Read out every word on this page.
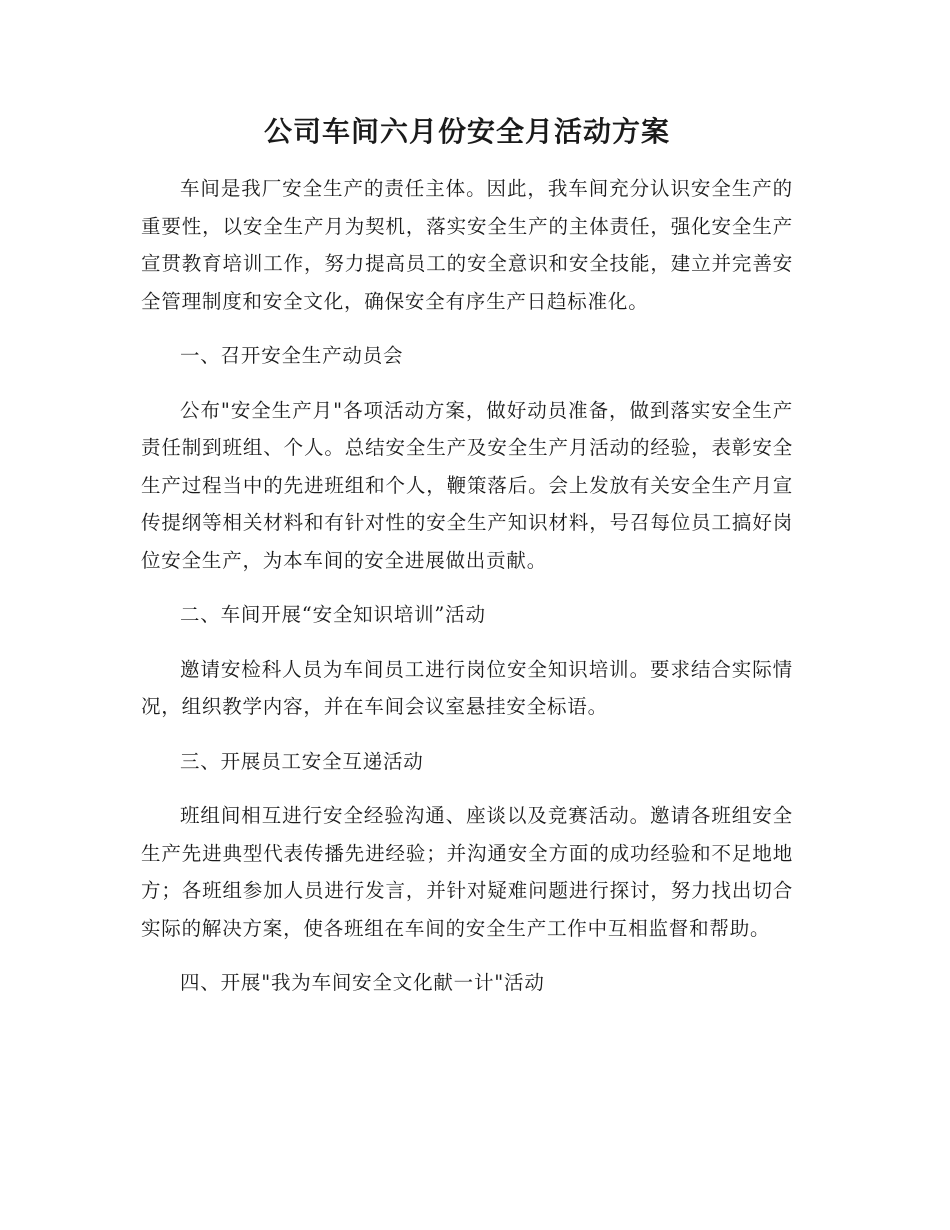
公司车间六月份安全月活动方案

车间是我厂安全生产的责任主体。因此，我车间充分认识安全生产的重要性，以安全生产月为契机，落实安全生产的主体责任，强化安全生产宣贯教育培训工作，努力提高员工的安全意识和安全技能，建立并完善安全管理制度和安全文化，确保安全有序生产日趋标准化。

一、召开安全生产动员会

公布"安全生产月"各项活动方案，做好动员准备，做到落实安全生产责任制到班组、个人。总结安全生产及安全生产月活动的经验，表彰安全生产过程当中的先进班组和个人，鞭策落后。会上发放有关安全生产月宣传提纲等相关材料和有针对性的安全生产知识材料，号召每位员工搞好岗位安全生产，为本车间的安全进展做出贡献。

二、车间开展“安全知识培训”活动

邀请安检科人员为车间员工进行岗位安全知识培训。要求结合实际情况，组织教学内容，并在车间会议室悬挂安全标语。

三、开展员工安全互递活动

班组间相互进行安全经验沟通、座谈以及竞赛活动。邀请各班组安全生产先进典型代表传播先进经验；并沟通安全方面的成功经验和不足地地方；各班组参加人员进行发言，并针对疑难问题进行探讨，努力找出切合实际的解决方案，使各班组在车间的安全生产工作中互相监督和帮助。

四、开展"我为车间安全文化献一计"活动
